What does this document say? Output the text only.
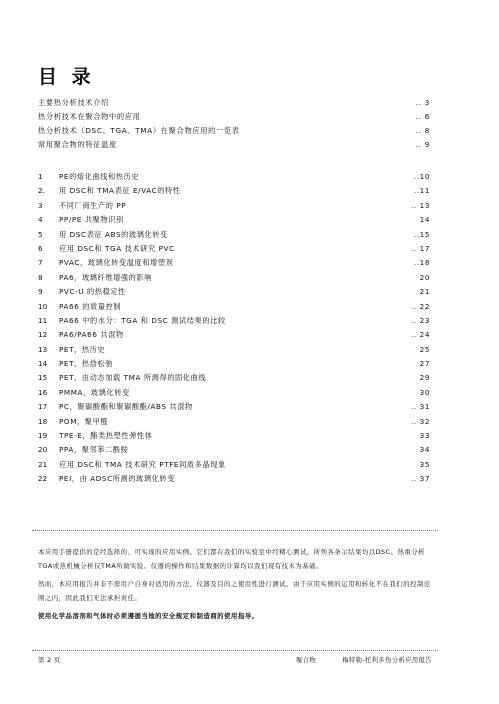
目 录
主要热分析技术介绍	.. 3
热分析技术在聚合物中的应用	.. 6
热分析技术（DSC、TGA、TMA）在聚合物应用的一览表	.. 8
常用聚合物的特征温度	.. 9
1	PE的熔化曲线和热历史	..10
2.	用 DSC和 TMA表征 E/VAC的特性	..11
3	不同厂商生产的 PP	.. 13
4	PP/PE 共聚物识别	14
5	用 DSC表征 ABS的玻璃化转变	..15
6	应用 DSC和 TGA 技术研究 PVC	.. 17
7	PVAC，玻璃化转变温度和增塑剂	..18
8	PA6，玻璃纤维增强的影响	20
9	PVC-U 的热稳定性	21
10	PA66 的质量控制	.. 22
11	PA66 中的水分：TGA 和 DSC 测试结果的比较	.. 23
12	PA6/PA66 共混物	.. 24
13	PET，热历史	25
14	PET，热焓松弛	27
15	PET，由动态加载 TMA 所测得的固化曲线	29
16	PMMA，玻璃化转变	30
17	PC，聚碳酸酯和聚碳酸酯/ABS 共混物	.. 31
18	POM，聚甲醛	.. 32
19	TPE-E，酯类热塑性弹性体	33
20	PPA，聚邻苯二酰胺	34
21	应用 DSC和 TMA 技术研究 PTFE同质多晶现象	35
22	PEI，由 ADSC所测的玻璃化转变	.. 37

本应用手册提供的是经选择的、可实现的应用实例。它们都在我们的实验室中经精心测试，所列各条示结果均以DSC、热重分析TGA或热机械分析仪TMA所做实验。仪器的操作和结果数据的计算均以我们现有技术为基础。

然而，本应用报告并非不需用户自身对适用的方法、仪器及目的之使用性进行测试。由于应用实例的运用和转化不在我们的控制范围之内，因此我们无法承担责任。

使用化学品溶剂和气体时必须遵循当地的安全规定和制造商的使用指导。

第 2 页	聚合物	梅特勒-托利多热分析应用报告
